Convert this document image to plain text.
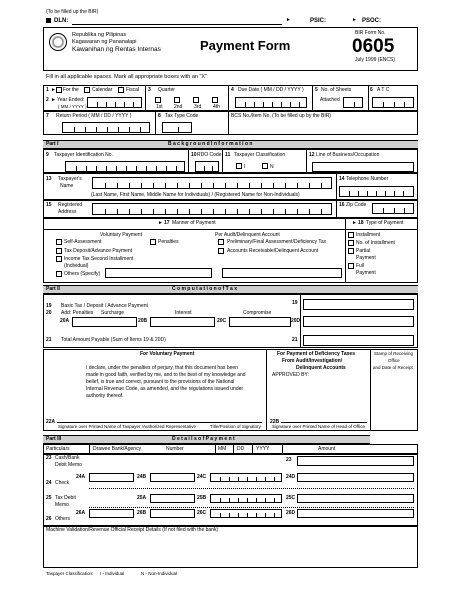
(To be filled up the BIR)
DLN:	►	PSIC:	► PSOC:
Republika ng Pilipinas
Kagawaran ng Pananalapi
Kawanihan ng Rentas Internas	Payment Form
BIR Form No.
0605
July 1999 (ENCS)
Fill in all applicable spaces. Mark all appropriate boxes with an "X"
1 ► For the	Calendar	Fiscal
2 ► Year Ended:
( MM / YYYY )
3 Quarter
1st 2nd 3rd 4th
4 Due Date ( MM / DD / YYYY ) 5 No. of Sheets
Attached
6 A T C
7 Return Period ( MM / DD / YYYY )	8 Tax Type Code	BCS No./Item No. (To be filled up by the BIR)
Part I	B a c k g r o u n d I n f o r m a t i o n
9 Taxpayer Identification No.	10 RDO Code 11 Taxpayer Classification
I	N
12 Line of Business/Occupation
13 Taxpayer's
Name
(Last Name, First Name, Middle Name for Individuals) / (Registered Name for Non-Individuals)
14 Telephone Number
15 Registered
Address
16 Zip Code
► 17 Manner of Payment	► 18 Type of Payment
Voluntary Payment	Per Audit/Delinquent Account
Self-Assessment	Penalties
Tax Deposit/Advance Payment
Income Tax Second Installment
(Individual)
Others (Specify)
Preliminary/Final Assessment/Deficiency Tax
Accounts Receivable/Delinquent Account
Installment
No. of Installment
Partial
Payment
Full
Payment
Part II	C o m p u t a t i o n o f T a x
19 Basic Tax / Deposit / Advance Payment	19
20 Add: Penalties Surcharge	Interest	Compromise
20A	20B	20C	20D
21 Total Amount Payable (Sum of Items 19 & 20D)	21
For Voluntary Payment
I declare, under the penalties of perjury, that this document has been
made in good faith, verified by me, and to the best of my knowledge and
belief, is true and correct, pursuant to the provisions of the National
Internal Revenue Code, as amended, and the regulations issued under
authority thereof.
For Payment of Deficiency Taxes
From Audit/Investigation/
Delinquent Accounts
APPROVED BY:
Stamp of Receiving
Office
and Date of Receipt
22A
Signature over Printed Name of Taxpayer /Authorized Representative	Title/Position of Signatory
22B
Signature over Printed Name of Head of Office
Part III	D e t a i l s o f P a y m e n t
Particulars	Drawee Bank/Agency	Number	MM DD YYYY	Amount
23 Cash/Bank
Debit Memo
23
24 Check
24A	24B	24C	24D
25 Tax Debit
Memo
25A	25B	25C
26 Others
26A	26B	26C	26D
Machine Validation/Revenue Official Receipt Details (If not filed with the bank)
Taxpayer Classification: I - Individual	N - Non-Individual
